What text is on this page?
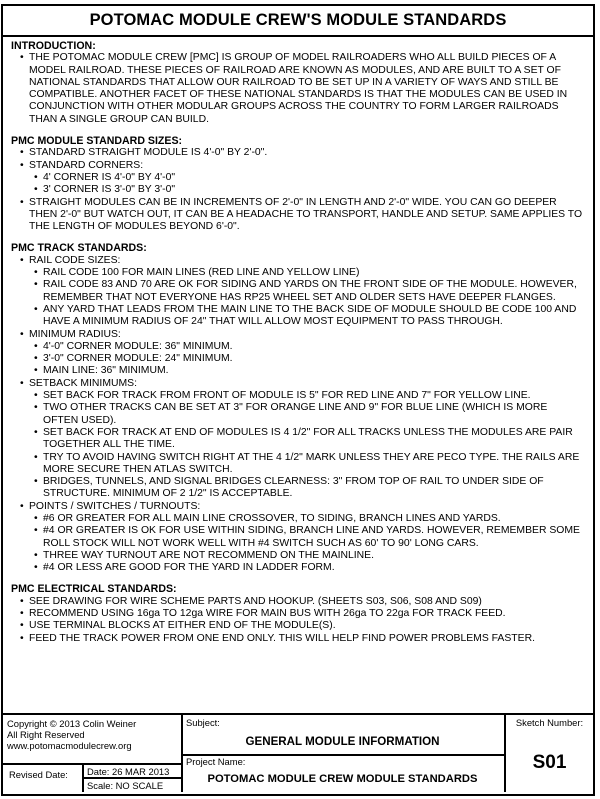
POTOMAC MODULE CREW'S MODULE STANDARDS
INTRODUCTION:
• THE POTOMAC MODULE CREW [PMC] IS GROUP OF MODEL RAILROADERS WHO ALL BUILD PIECES OF A MODEL RAILROAD. THESE PIECES OF RAILROAD ARE KNOWN AS MODULES, AND ARE BUILT TO A SET OF NATIONAL STANDARDS THAT ALLOW OUR RAILROAD TO BE SET UP IN A VARIETY OF WAYS AND STILL BE COMPATIBLE. ANOTHER FACET OF THESE NATIONAL STANDARDS IS THAT THE MODULES CAN BE USED IN CONJUNCTION WITH OTHER MODULAR GROUPS ACROSS THE COUNTRY TO FORM LARGER RAILROADS THAN A SINGLE GROUP CAN BUILD.
PMC MODULE STANDARD SIZES:
• STANDARD STRAIGHT MODULE IS 4'-0" BY 2'-0".
• STANDARD CORNERS:
• 4' CORNER IS 4'-0" BY 4'-0"
• 3' CORNER IS 3'-0" BY 3'-0"
• STRAIGHT MODULES CAN BE IN INCREMENTS OF 2'-0" IN LENGTH AND 2'-0" WIDE. YOU CAN GO DEEPER THEN 2'-0" BUT WATCH OUT, IT CAN BE A HEADACHE TO TRANSPORT, HANDLE AND SETUP. SAME APPLIES TO THE LENGTH OF MODULES BEYOND 6'-0".
PMC TRACK STANDARDS:
• RAIL CODE SIZES:
• RAIL CODE 100 FOR MAIN LINES (RED LINE AND YELLOW LINE)
• RAIL CODE 83 AND 70 ARE OK FOR SIDING AND YARDS ON THE FRONT SIDE OF THE MODULE. HOWEVER, REMEMBER THAT NOT EVERYONE HAS RP25 WHEEL SET AND OLDER SETS HAVE DEEPER FLANGES.
• ANY YARD THAT LEADS FROM THE MAIN LINE TO THE BACK SIDE OF MODULE SHOULD BE CODE 100 AND HAVE A MINIMUM RADIUS OF 24" THAT WILL ALLOW MOST EQUIPMENT TO PASS THROUGH.
• MINIMUM RADIUS:
• 4'-0" CORNER MODULE: 36" MINIMUM.
• 3'-0" CORNER MODULE: 24" MINIMUM.
• MAIN LINE: 36" MINIMUM.
• SETBACK MINIMUMS:
• SET BACK FOR TRACK FROM FRONT OF MODULE IS 5" FOR RED LINE AND 7" FOR YELLOW LINE.
• TWO OTHER TRACKS CAN BE SET AT 3" FOR ORANGE LINE AND 9" FOR BLUE LINE (WHICH IS MORE OFTEN USED).
• SET BACK FOR TRACK AT END OF MODULES IS 4 1/2" FOR ALL TRACKS UNLESS THE MODULES ARE PAIR TOGETHER ALL THE TIME.
• TRY TO AVOID HAVING SWITCH RIGHT AT THE 4 1/2" MARK UNLESS THEY ARE PECO TYPE. THE RAILS ARE MORE SECURE THEN ATLAS SWITCH.
• BRIDGES, TUNNELS, AND SIGNAL BRIDGES CLEARNESS: 3" FROM TOP OF RAIL TO UNDER SIDE OF STRUCTURE. MINIMUM OF 2 1/2" IS ACCEPTABLE.
• POINTS / SWITCHES / TURNOUTS:
• #6 OR GREATER FOR ALL MAIN LINE CROSSOVER, TO SIDING, BRANCH LINES AND YARDS.
• #4 OR GREATER IS OK FOR USE WITHIN SIDING, BRANCH LINE AND YARDS. HOWEVER, REMEMBER SOME ROLL STOCK WILL NOT WORK WELL WITH #4 SWITCH SUCH AS 60' TO 90' LONG CARS.
• THREE WAY TURNOUT ARE NOT RECOMMEND ON THE MAINLINE.
• #4 OR LESS ARE GOOD FOR THE YARD IN LADDER FORM.
PMC ELECTRICAL STANDARDS:
• SEE DRAWING FOR WIRE SCHEME PARTS AND HOOKUP. (SHEETS S03, S06, S08 AND S09)
• RECOMMEND USING 16ga TO 12ga WIRE FOR MAIN BUS WITH 26ga TO 22ga FOR TRACK FEED.
• USE TERMINAL BLOCKS AT EITHER END OF THE MODULE(S).
• FEED THE TRACK POWER FROM ONE END ONLY. THIS WILL HELP FIND POWER PROBLEMS FASTER.
Copyright © 2013 Colin Weiner
All Right Reserved
www.potomacmodulecrew.org
Subject:
GENERAL MODULE INFORMATION
Sketch Number:
S01
Revised Date: Date: 26 MAR 2013
Scale: NO SCALE
Project Name:
POTOMAC MODULE CREW MODULE STANDARDS
